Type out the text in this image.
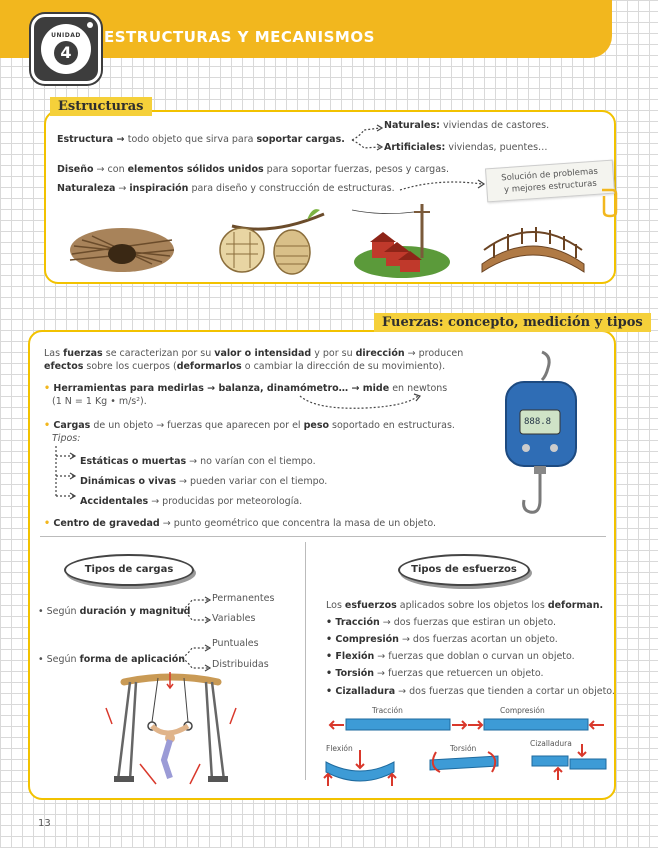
UNIDAD
4
ESTRUCTURAS Y MECANISMOS
Estructuras
Estructura → todo objeto que sirva para soportar cargas.
Naturales: viviendas de castores.
Artificiales: viviendas, puentes…
Diseño → con elementos sólidos unidos para soportar fuerzas, pesos y cargas.
Naturaleza → inspiración para diseño y construcción de estructuras.
Solución de problemas
y mejores estructuras
Fuerzas: concepto, medición y tipos
Las fuerzas se caracterizan por su valor o intensidad y por su dirección → producen
efectos sobre los cuerpos (deformarlos o cambiar la dirección de su movimiento).
• Herramientas para medirlas → balanza, dinamómetro… → mide en newtons
(1 N = 1 Kg • m/s²).
• Cargas de un objeto → fuerzas que aparecen por el peso soportado en estructuras.
Tipos:
Estáticas o muertas → no varían con el tiempo.
Dinámicas o vivas → pueden variar con el tiempo.
Accidentales → producidas por meteorología.
• Centro de gravedad → punto geométrico que concentra la masa de un objeto.
888.8
Tipos de cargas
• Según duración y magnitud
Permanentes
Variables
• Según forma de aplicación
Puntuales
Distribuidas
Tipos de esfuerzos
Los esfuerzos aplicados sobre los objetos los deforman.
• Tracción → dos fuerzas que estiran un objeto.
• Compresión → dos fuerzas acortan un objeto.
• Flexión → fuerzas que doblan o curvan un objeto.
• Torsión → fuerzas que retuercen un objeto.
• Cizalladura → dos fuerzas que tienden a cortar un objeto.
Tracción	Compresión
Flexión	Torsión
Cizalladura
13
